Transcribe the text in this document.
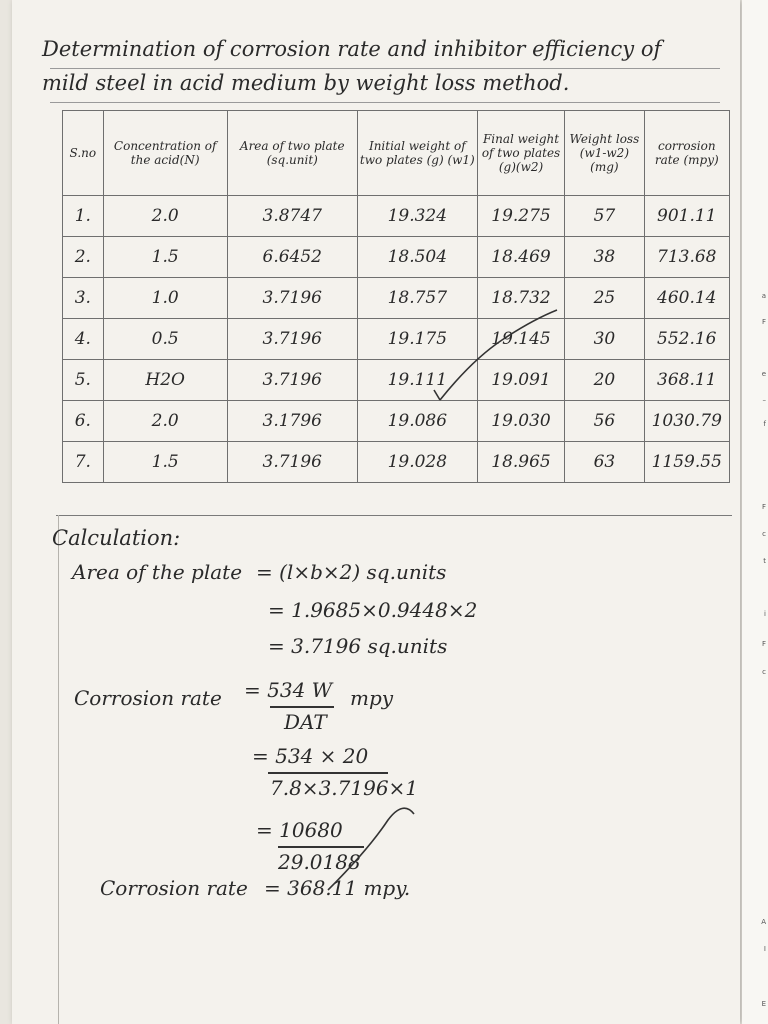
Determination of corrosion rate and inhibitor efficiency of
mild steel in acid medium by weight loss method.
S.no	Concentration of the acid(N)	Area of two plate (sq.unit)	Initial weight of two plates (g) (w1)	Final weight of two plates (g)(w2)	Weight loss (w1-w2) (mg)	corrosion rate (mpy)
1.	2.0	3.8747	19.324	19.275	57	901.11
2.	1.5	6.6452	18.504	18.469	38	713.68
3.	1.0	3.7196	18.757	18.732	25	460.14
4.	0.5	3.7196	19.175	19.145	30	552.16
5.	H2O	3.7196	19.111	19.091	20	368.11
6.	2.0	3.1796	19.086	19.030	56	1030.79
7.	1.5	3.7196	19.028	18.965	63	1159.55
Calculation:
Area of the plate = (l×b×2) sq.units
= 1.9685×0.9448×2
= 3.7196 sq.units
Corrosion rate = 534 W mpy
DAT
= 534 × 20
7.8×3.7196×1
= 10680
29.0188
Corrosion rate = 368.11 mpy.
a
F
e
–
f
F
c
t
i
F
c
A
I
E
